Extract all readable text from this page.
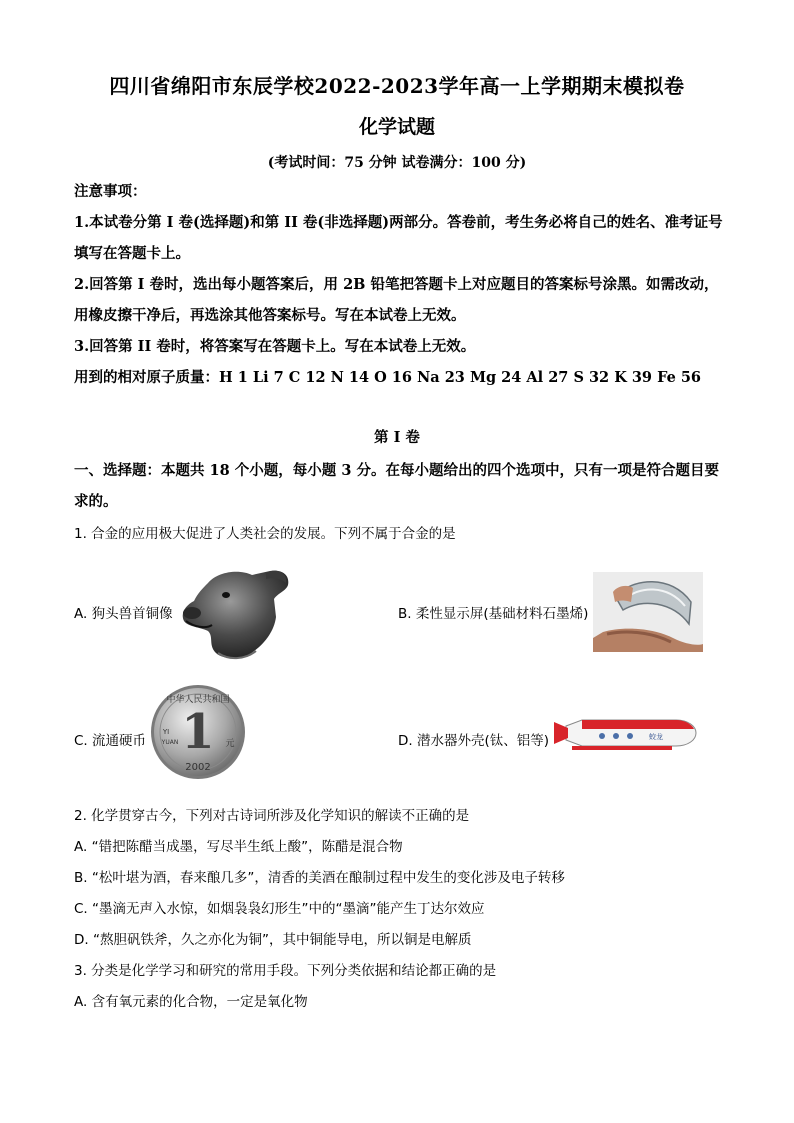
四川省绵阳市东辰学校2022-2023学年高一上学期期末模拟卷
化学试题
(考试时间：75 分钟 试卷满分：100 分)
注意事项：
1.本试卷分第 I 卷(选择题)和第 II 卷(非选择题)两部分。答卷前，考生务必将自己的姓名、准考证号填写在答题卡上。
2.回答第 I 卷时，选出每小题答案后，用 2B 铅笔把答题卡上对应题目的答案标号涂黑。如需改动，用橡皮擦干净后，再选涂其他答案标号。写在本试卷上无效。
3.回答第 II 卷时，将答案写在答题卡上。写在本试卷上无效。
用到的相对原子质量：H 1 Li 7 C 12 N 14 O 16 Na 23 Mg 24 Al 27 S 32 K 39 Fe 56
第 I 卷
一、选择题：本题共 18 个小题，每小题 3 分。在每小题给出的四个选项中，只有一项是符合题目要求的。
1. 合金的应用极大促进了人类社会的发展。下列不属于合金的是
A. 狗头兽首铜像	B. 柔性显示屏(基础材料石墨烯)
C. 流通硬币	D. 潜水器外壳(钛、铝等)
中华人民共和国
1
YI
YUAN	元
2002
蛟龙
2. 化学贯穿古今，下列对古诗词所涉及化学知识的解读不正确的是
A. “错把陈醋当成墨，写尽半生纸上酸”，陈醋是混合物
B. “松叶堪为酒，春来酿几多”，清香的美酒在酿制过程中发生的变化涉及电子转移
C. “墨滴无声入水惊，如烟袅袅幻形生”中的“墨滴”能产生丁达尔效应
D. “熬胆矾铁斧，久之亦化为铜”，其中铜能导电，所以铜是电解质
3. 分类是化学学习和研究的常用手段。下列分类依据和结论都正确的是
A. 含有氧元素的化合物，一定是氧化物
